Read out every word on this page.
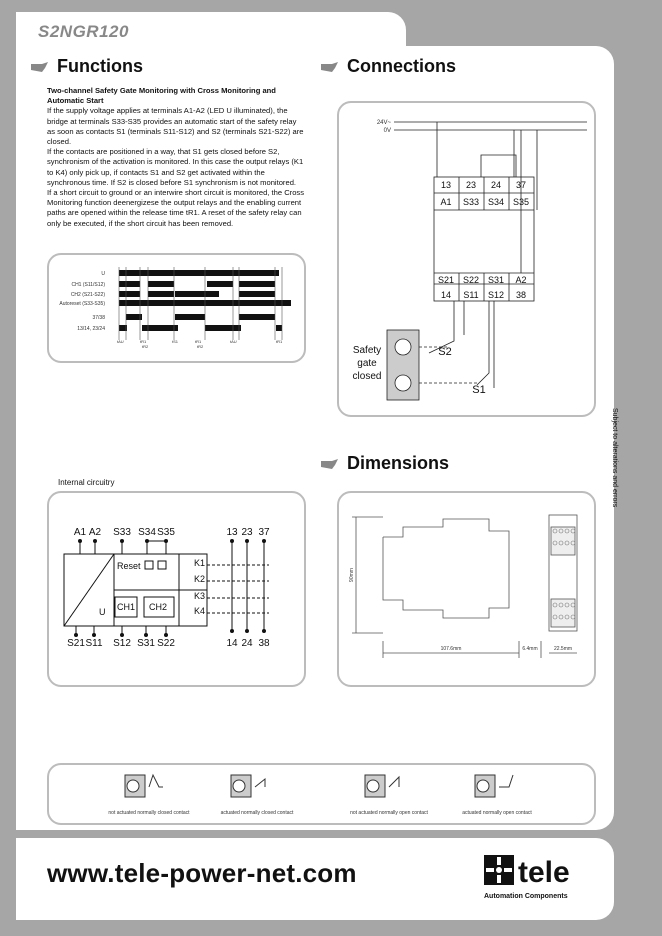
S2NGR120
Functions	Connections
Dimensions

Two-channel Safety Gate Monitoring with Cross Monitoring and Automatic Start

If the supply voltage applies at terminals A1-A2 (LED U illuminated), the bridge at terminals S33-S35 provides an automatic start of the safety relay as soon as contacts S1 (terminals S11-S12) and S2 (terminals S21-S22) are closed.

If the contacts are positioned in a way, that S1 gets closed before S2, synchronism of the activation is monitored. In this case the output relays (K1 to K4) only pick up, if contacts S1 and S2 get activated within the synchronous time. If S2 is closed before S1 synchronism is not monitored.

If a short circuit to ground or an interwire short circuit is monitored, the Cross Monitoring function deenergizese the output relays and the enabling current paths are opened within the release time tR1. A reset of the safety relay can only be executed, if the short circuit has been removed.

U
CH1 (S11/S12)
CH2 (S21-S22)
Autoreset (S33-S35)
37/38
13/14, 23/24
tAU	tR1
tR2
tS1	tR1
tR2
tAU	tR1
24V~
0V
13 23 24 37
A1 S33 S34 S35
S21 S22 S31 A2
14 S11 S12 38
Safety
gate
closed
S2
S1
Internal circuitry
A1 A2 S33 S34 S35	13 23 37
S21 S11 S12 S31 S22	14 24 38
Reset
CH1 CH2
U
K1
K2
K3
K4
107.6mm	6.4mm	22.5mm
90mm
not actuated normally closed contact	actuated normally closed contact	not actuated normally open contact	actuated normally open contact
Subject to alterations and errors
www.tele-power-net.com	tele
Automation Components
